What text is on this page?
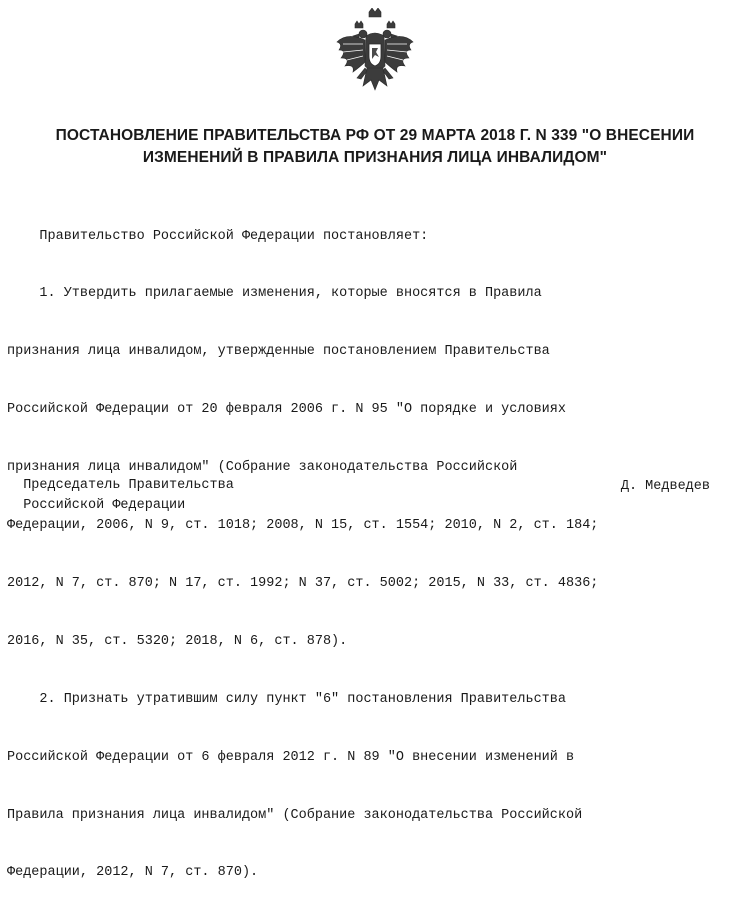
ПОСТАНОВЛЕНИЕ ПРАВИТЕЛЬСТВА РФ ОТ 29 МАРТА 2018 Г. N 339 "О ВНЕСЕНИИ

ИЗМЕНЕНИЙ В ПРАВИЛА ПРИЗНАНИЯ ЛИЦА ИНВАЛИДОМ"

Правительство Российской Федерации постановляет:

1. Утвердить прилагаемые изменения, которые вносятся в Правила

признания лица инвалидом, утвержденные постановлением Правительства

Российской Федерации от 20 февраля 2006 г. N 95 "О порядке и условиях

признания лица инвалидом" (Собрание законодательства Российской

Федерации, 2006, N 9, ст. 1018; 2008, N 15, ст. 1554; 2010, N 2, ст. 184;

2012, N 7, ст. 870; N 17, ст. 1992; N 37, ст. 5002; 2015, N 33, ст. 4836;

2016, N 35, ст. 5320; 2018, N 6, ст. 878).

2. Признать утратившим силу пункт "6" постановления Правительства

Российской Федерации от 6 февраля 2012 г. N 89 "О внесении изменений в

Правила признания лица инвалидом" (Собрание законодательства Российской

Федерации, 2012, N 7, ст. 870).

Председатель Правительства

Российской Федерации

Д. Медведев
